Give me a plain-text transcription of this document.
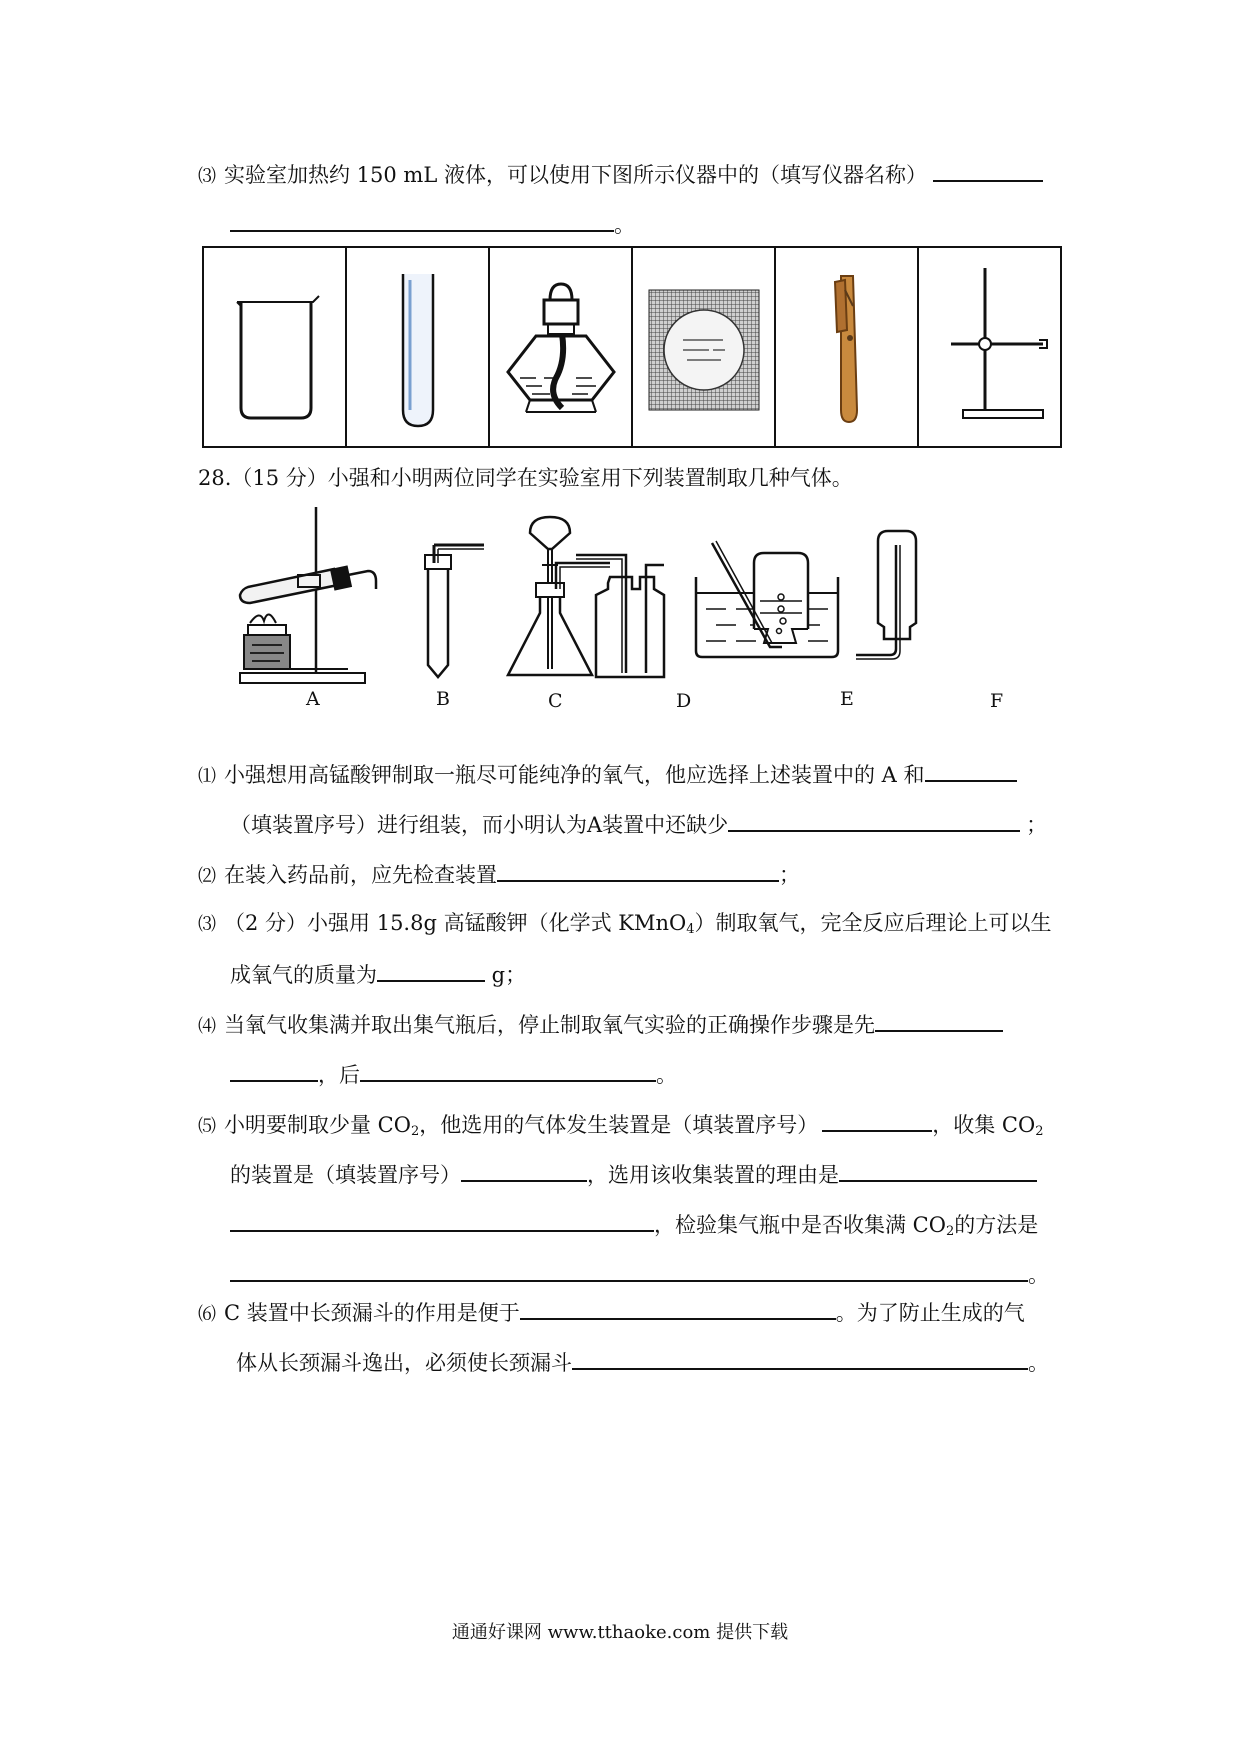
⑶ 实验室加热约 150 mL 液体，可以使用下图所示仪器中的（填写仪器名称）
。

28.（15 分）小强和小明两位同学在实验室用下列装置制取几种气体。
A	B	C	D	E	F
⑴ 小强想用高锰酸钾制取一瓶尽可能纯净的氧气，他应选择上述装置中的 A 和
（填装置序号）进行组装，而小明认为A装置中还缺少	；
⑵ 在装入药品前，应先检查装置	；
⑶ （2 分）小强用 15.8g 高锰酸钾（化学式 KMnO$_4$）制取氧气，完全反应后理论上可以生
成氧气的质量为	g；
⑷ 当氧气收集满并取出集气瓶后，停止制取氧气实验的正确操作步骤是先
，后	。
⑸ 小明要制取少量 $CO_2$，他选用的气体发生装置是（填装置序号）	，收集 $CO_2$
的装置是（填装置序号）	，选用该收集装置的理由是
，检验集气瓶中是否收集满 $CO_2$的方法是
。
⑹ C 装置中长颈漏斗的作用是便于	。为了防止生成的气
体从长颈漏斗逸出，必须使长颈漏斗	。
通通好课网 www.tthaoke.com 提供下载
